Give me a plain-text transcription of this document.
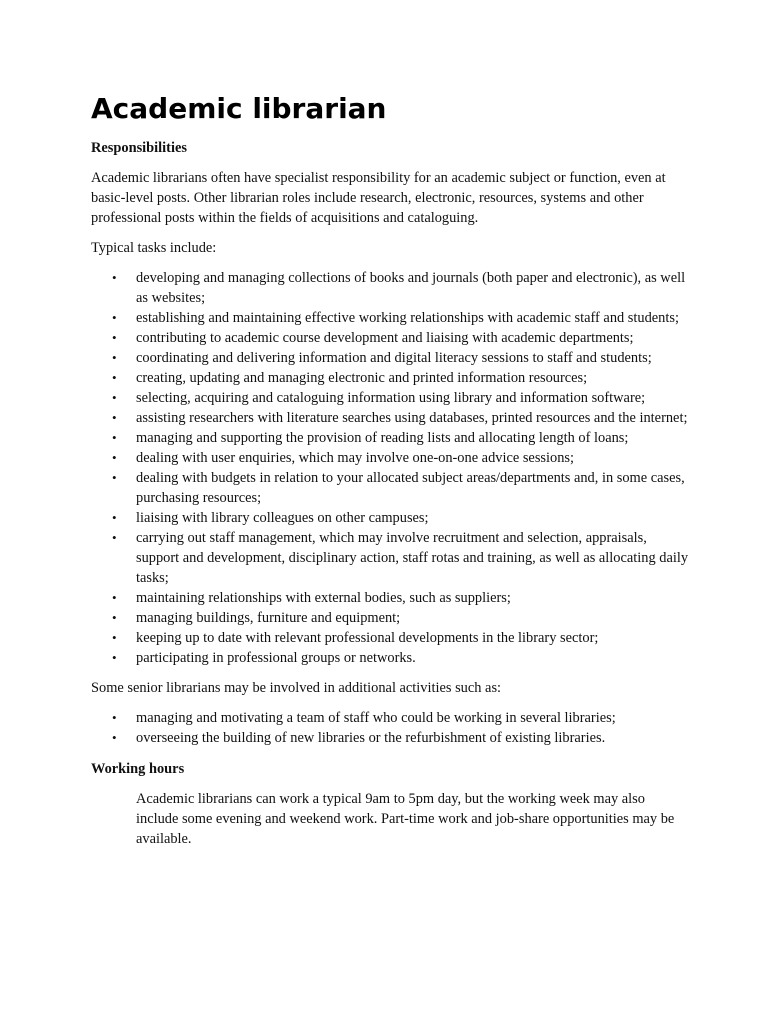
Academic librarian
Responsibilities

Academic librarians often have specialist responsibility for an academic subject or function, even at basic-level posts. Other librarian roles include research, electronic, resources, systems and other professional posts within the fields of acquisitions and cataloguing.

Typical tasks include:

• developing and managing collections of books and journals (both paper and electronic), as well as websites;
• establishing and maintaining effective working relationships with academic staff and students;
• contributing to academic course development and liaising with academic departments;
• coordinating and delivering information and digital literacy sessions to staff and students;
• creating, updating and managing electronic and printed information resources;
• selecting, acquiring and cataloguing information using library and information software;
• assisting researchers with literature searches using databases, printed resources and the internet;
• managing and supporting the provision of reading lists and allocating length of loans;
• dealing with user enquiries, which may involve one-on-one advice sessions;
• dealing with budgets in relation to your allocated subject areas/departments and, in some cases, purchasing resources;
• liaising with library colleagues on other campuses;
• carrying out staff management, which may involve recruitment and selection, appraisals, support and development, disciplinary action, staff rotas and training, as well as allocating daily tasks;
• maintaining relationships with external bodies, such as suppliers;
• managing buildings, furniture and equipment;
• keeping up to date with relevant professional developments in the library sector;
• participating in professional groups or networks.

Some senior librarians may be involved in additional activities such as:

• managing and motivating a team of staff who could be working in several libraries;
• overseeing the building of new libraries or the refurbishment of existing libraries.
Working hours

Academic librarians can work a typical 9am to 5pm day, but the working week may also include some evening and weekend work. Part-time work and job-share opportunities may be available.
